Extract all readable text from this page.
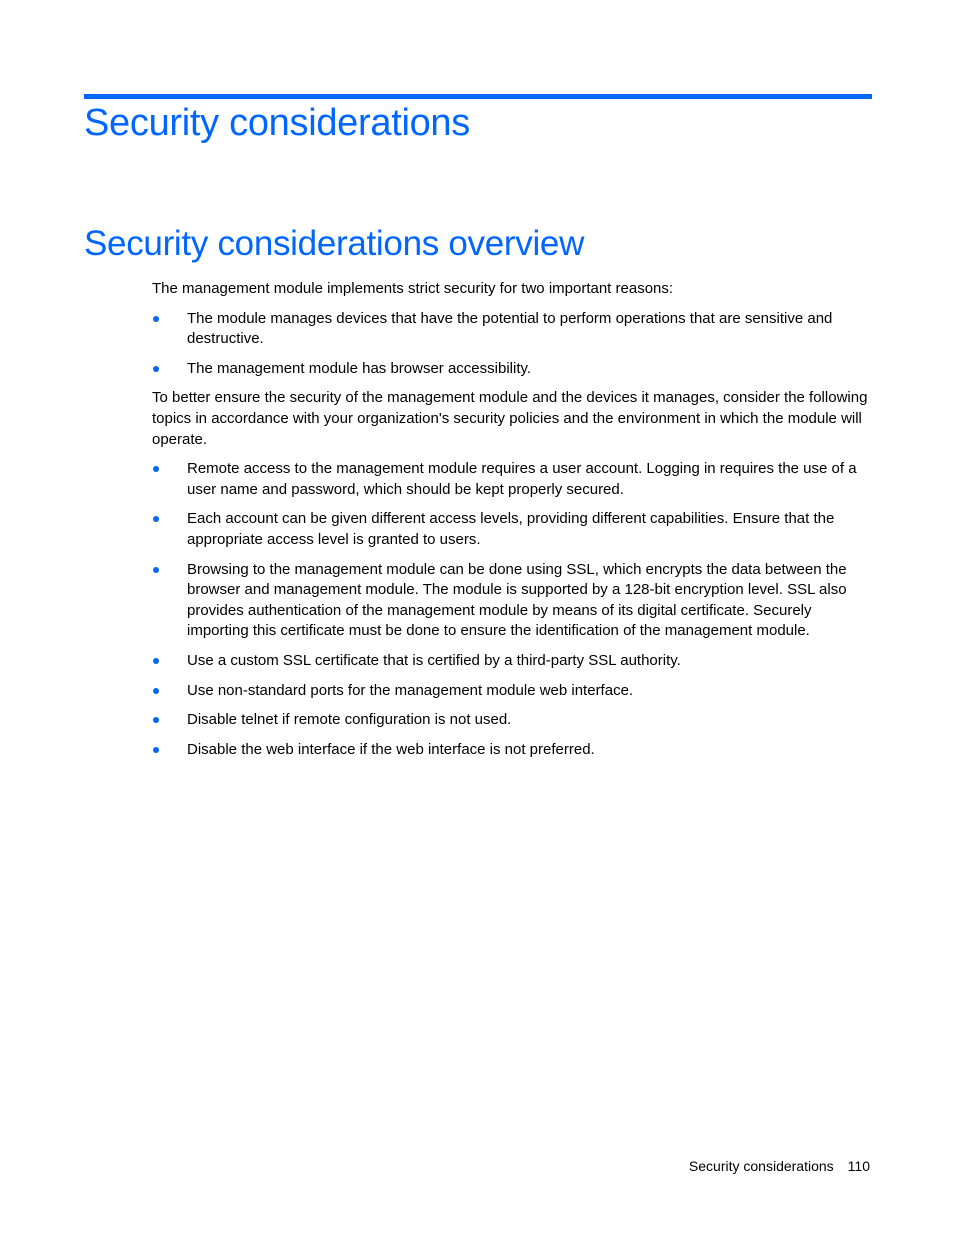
Security considerations
Security considerations overview

The management module implements strict security for two important reasons:

The module manages devices that have the potential to perform operations that are sensitive and destructive.
The management module has browser accessibility.

To better ensure the security of the management module and the devices it manages, consider the following topics in accordance with your organization's security policies and the environment in which the module will operate.

Remote access to the management module requires a user account. Logging in requires the use of a user name and password, which should be kept properly secured.
Each account can be given different access levels, providing different capabilities. Ensure that the appropriate access level is granted to users.
Browsing to the management module can be done using SSL, which encrypts the data between the browser and management module. The module is supported by a 128-bit encryption level. SSL also provides authentication of the management module by means of its digital certificate. Securely importing this certificate must be done to ensure the identification of the management module.
Use a custom SSL certificate that is certified by a third-party SSL authority.
Use non-standard ports for the management module web interface.
Disable telnet if remote configuration is not used.
Disable the web interface if the web interface is not preferred.
Security considerations 110
